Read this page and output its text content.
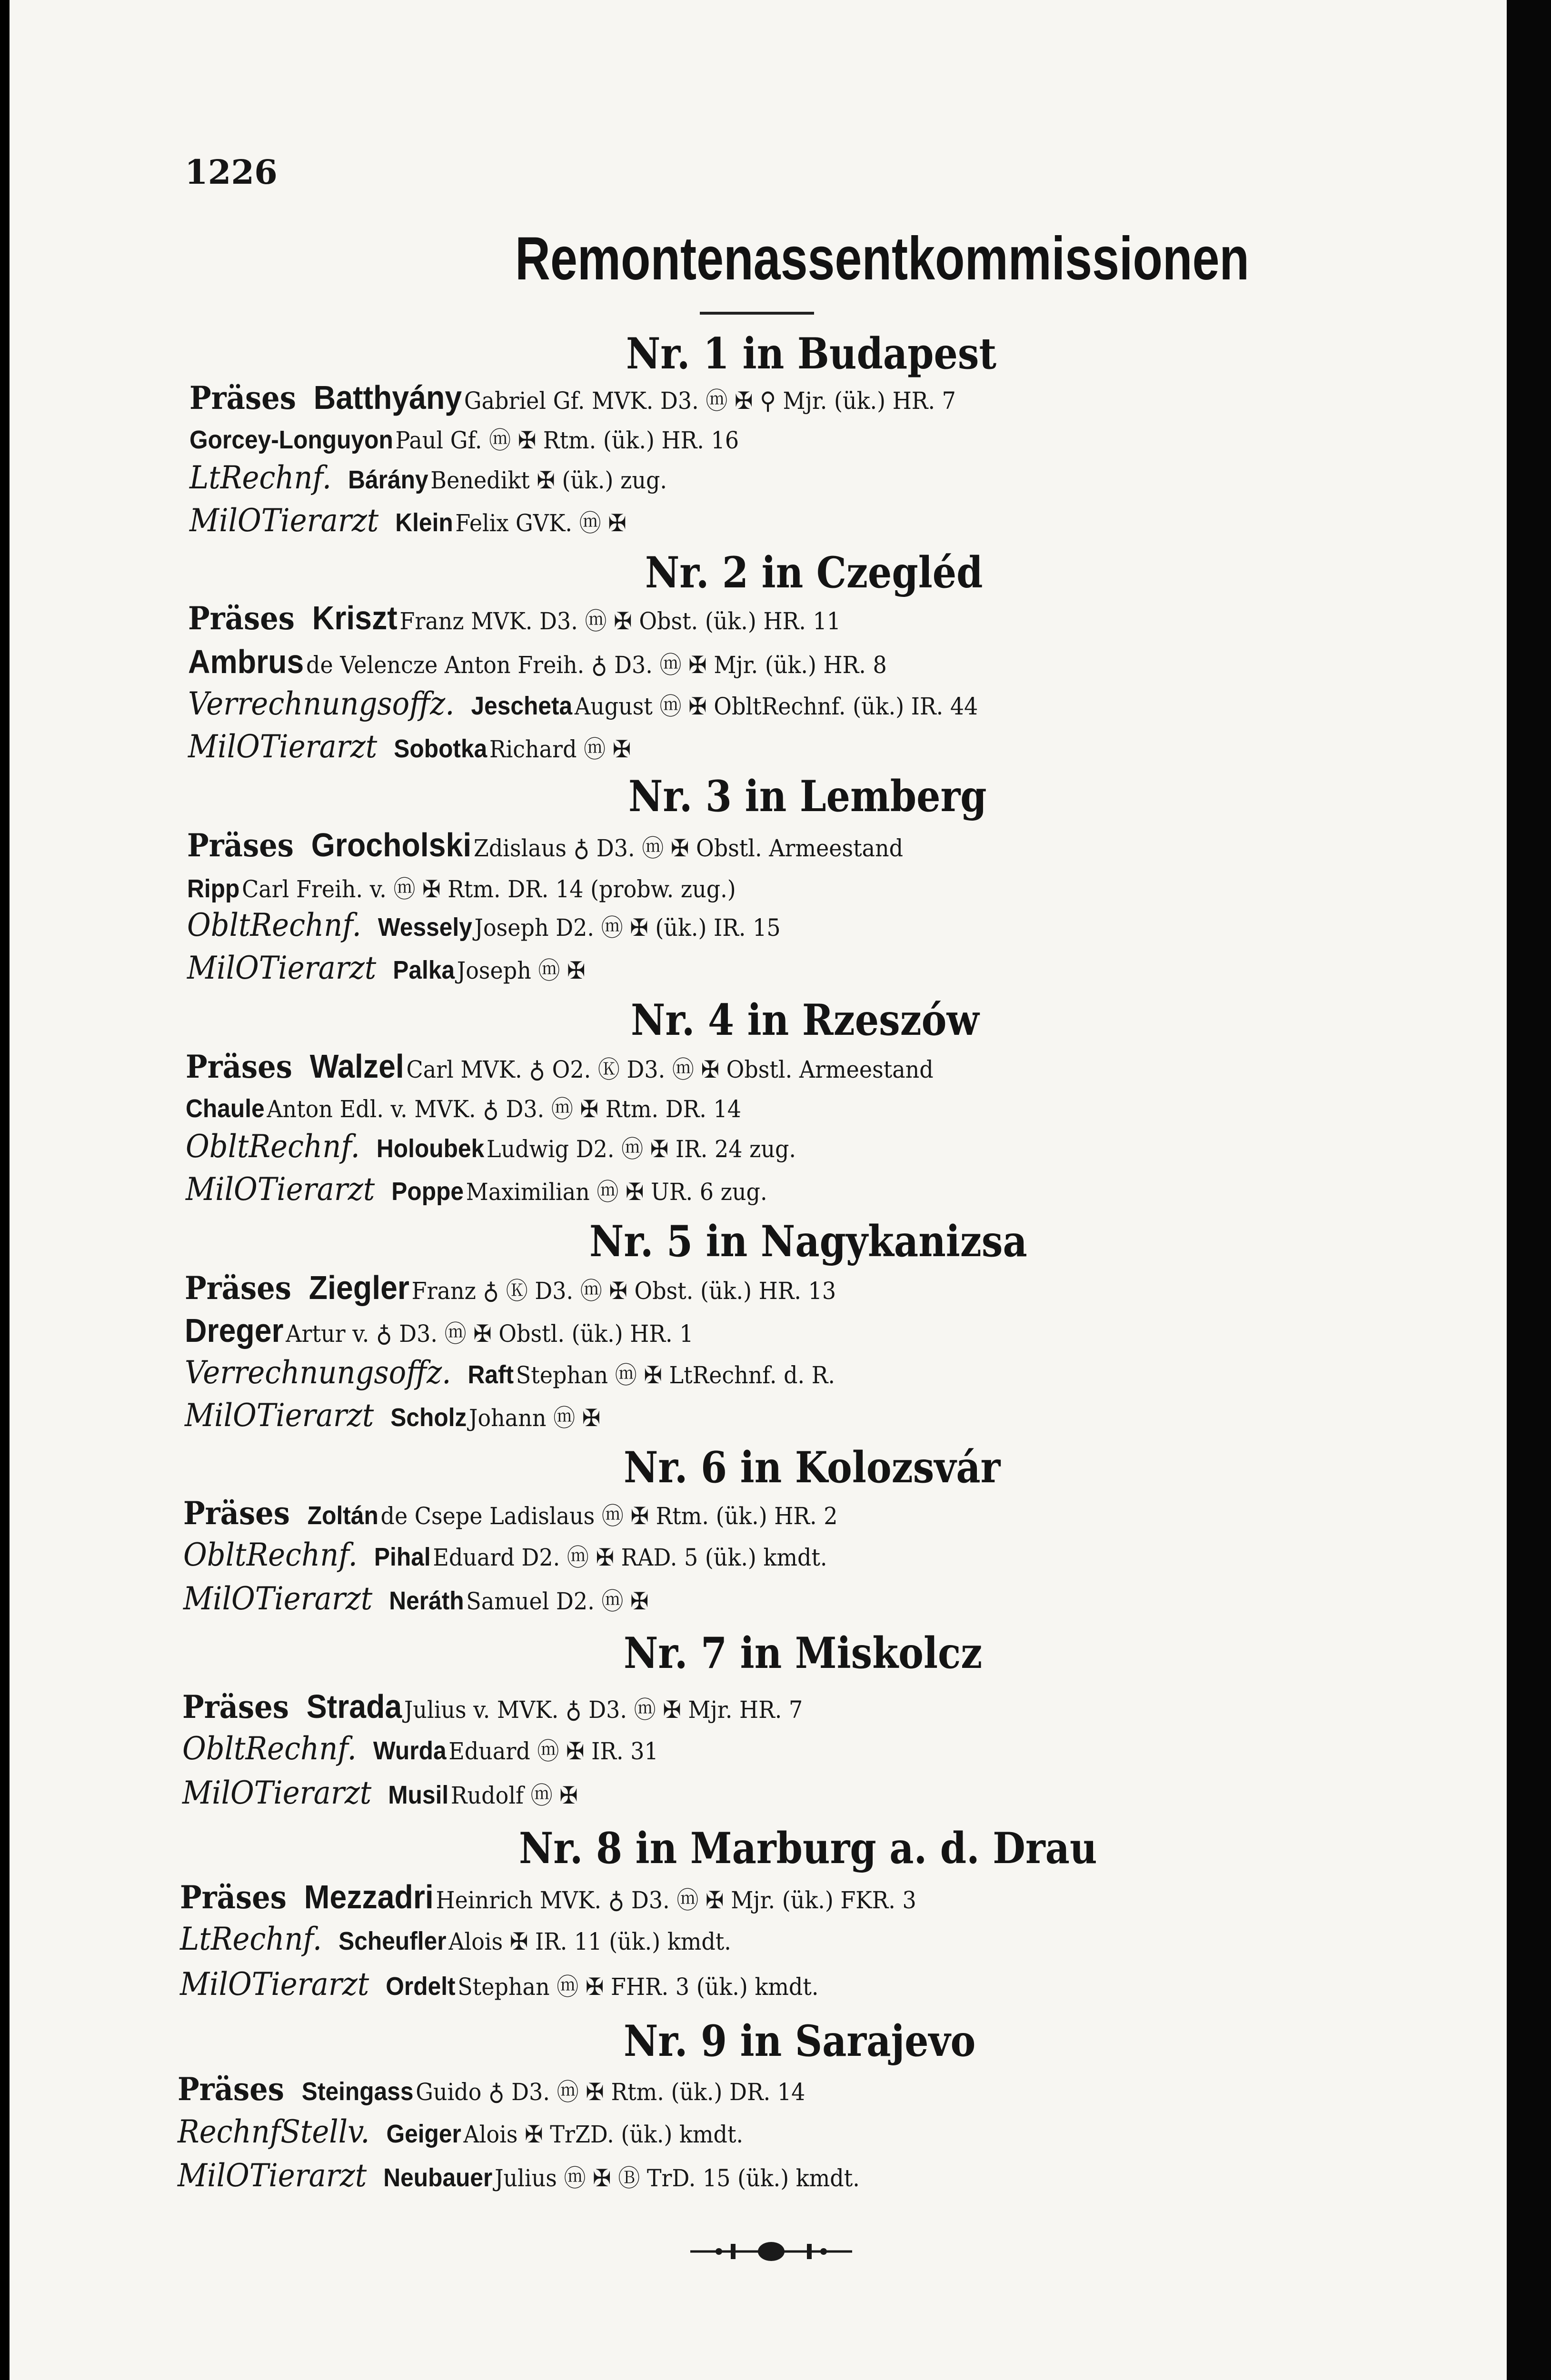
1226
Remontenassentkommissionen
Nr. 1 in Budapest
Präses Batthyány Gabriel Gf. MVK. D3. ⓜ ✠ ⚲ Mjr. (ük.) HR. 7
Gorcey-Longuyon Paul Gf. ⓜ ✠ Rtm. (ük.) HR. 16
LtRechnf. Bárány Benedikt ✠ (ük.) zug.
MilOTierarzt Klein Felix GVK. ⓜ ✠
Nr. 2 in Czegléd
Präses Kriszt Franz MVK. D3. ⓜ ✠ Obst. (ük.) HR. 11
Ambrus de Velencze Anton Freih. ♁ D3. ⓜ ✠ Mjr. (ük.) HR. 8
Verrechnungsoffz. Jescheta August ⓜ ✠ ObltRechnf. (ük.) IR. 44
MilOTierarzt Sobotka Richard ⓜ ✠
Nr. 3 in Lemberg
Präses Grocholski Zdislaus ♁ D3. ⓜ ✠ Obstl. Armeestand
Ripp Carl Freih. v. ⓜ ✠ Rtm. DR. 14 (probw. zug.)
ObltRechnf. Wessely Joseph D2. ⓜ ✠ (ük.) IR. 15
MilOTierarzt Palka Joseph ⓜ ✠
Nr. 4 in Rzeszów
Präses Walzel Carl MVK. ♁ O2. Ⓚ D3. ⓜ ✠ Obstl. Armeestand
Chaule Anton Edl. v. MVK. ♁ D3. ⓜ ✠ Rtm. DR. 14
ObltRechnf. Holoubek Ludwig D2. ⓜ ✠ IR. 24 zug.
MilOTierarzt Poppe Maximilian ⓜ ✠ UR. 6 zug.
Nr. 5 in Nagykanizsa
Präses Ziegler Franz ♁ Ⓚ D3. ⓜ ✠ Obst. (ük.) HR. 13
Dreger Artur v. ♁ D3. ⓜ ✠ Obstl. (ük.) HR. 1
Verrechnungsoffz. Raft Stephan ⓜ ✠ LtRechnf. d. R.
MilOTierarzt Scholz Johann ⓜ ✠
Nr. 6 in Kolozsvár
Präses Zoltán de Csepe Ladislaus ⓜ ✠ Rtm. (ük.) HR. 2
ObltRechnf. Pihal Eduard D2. ⓜ ✠ RAD. 5 (ük.) kmdt.
MilOTierarzt Neráth Samuel D2. ⓜ ✠
Nr. 7 in Miskolcz
Präses Strada Julius v. MVK. ♁ D3. ⓜ ✠ Mjr. HR. 7
ObltRechnf. Wurda Eduard ⓜ ✠ IR. 31
MilOTierarzt Musil Rudolf ⓜ ✠
Nr. 8 in Marburg a. d. Drau
Präses Mezzadri Heinrich MVK. ♁ D3. ⓜ ✠ Mjr. (ük.) FKR. 3
LtRechnf. Scheufler Alois ✠ IR. 11 (ük.) kmdt.
MilOTierarzt Ordelt Stephan ⓜ ✠ FHR. 3 (ük.) kmdt.
Nr. 9 in Sarajevo
Präses Steingass Guido ♁ D3. ⓜ ✠ Rtm. (ük.) DR. 14
RechnfStellv. Geiger Alois ✠ TrZD. (ük.) kmdt.
MilOTierarzt Neubauer Julius ⓜ ✠ Ⓑ TrD. 15 (ük.) kmdt.
